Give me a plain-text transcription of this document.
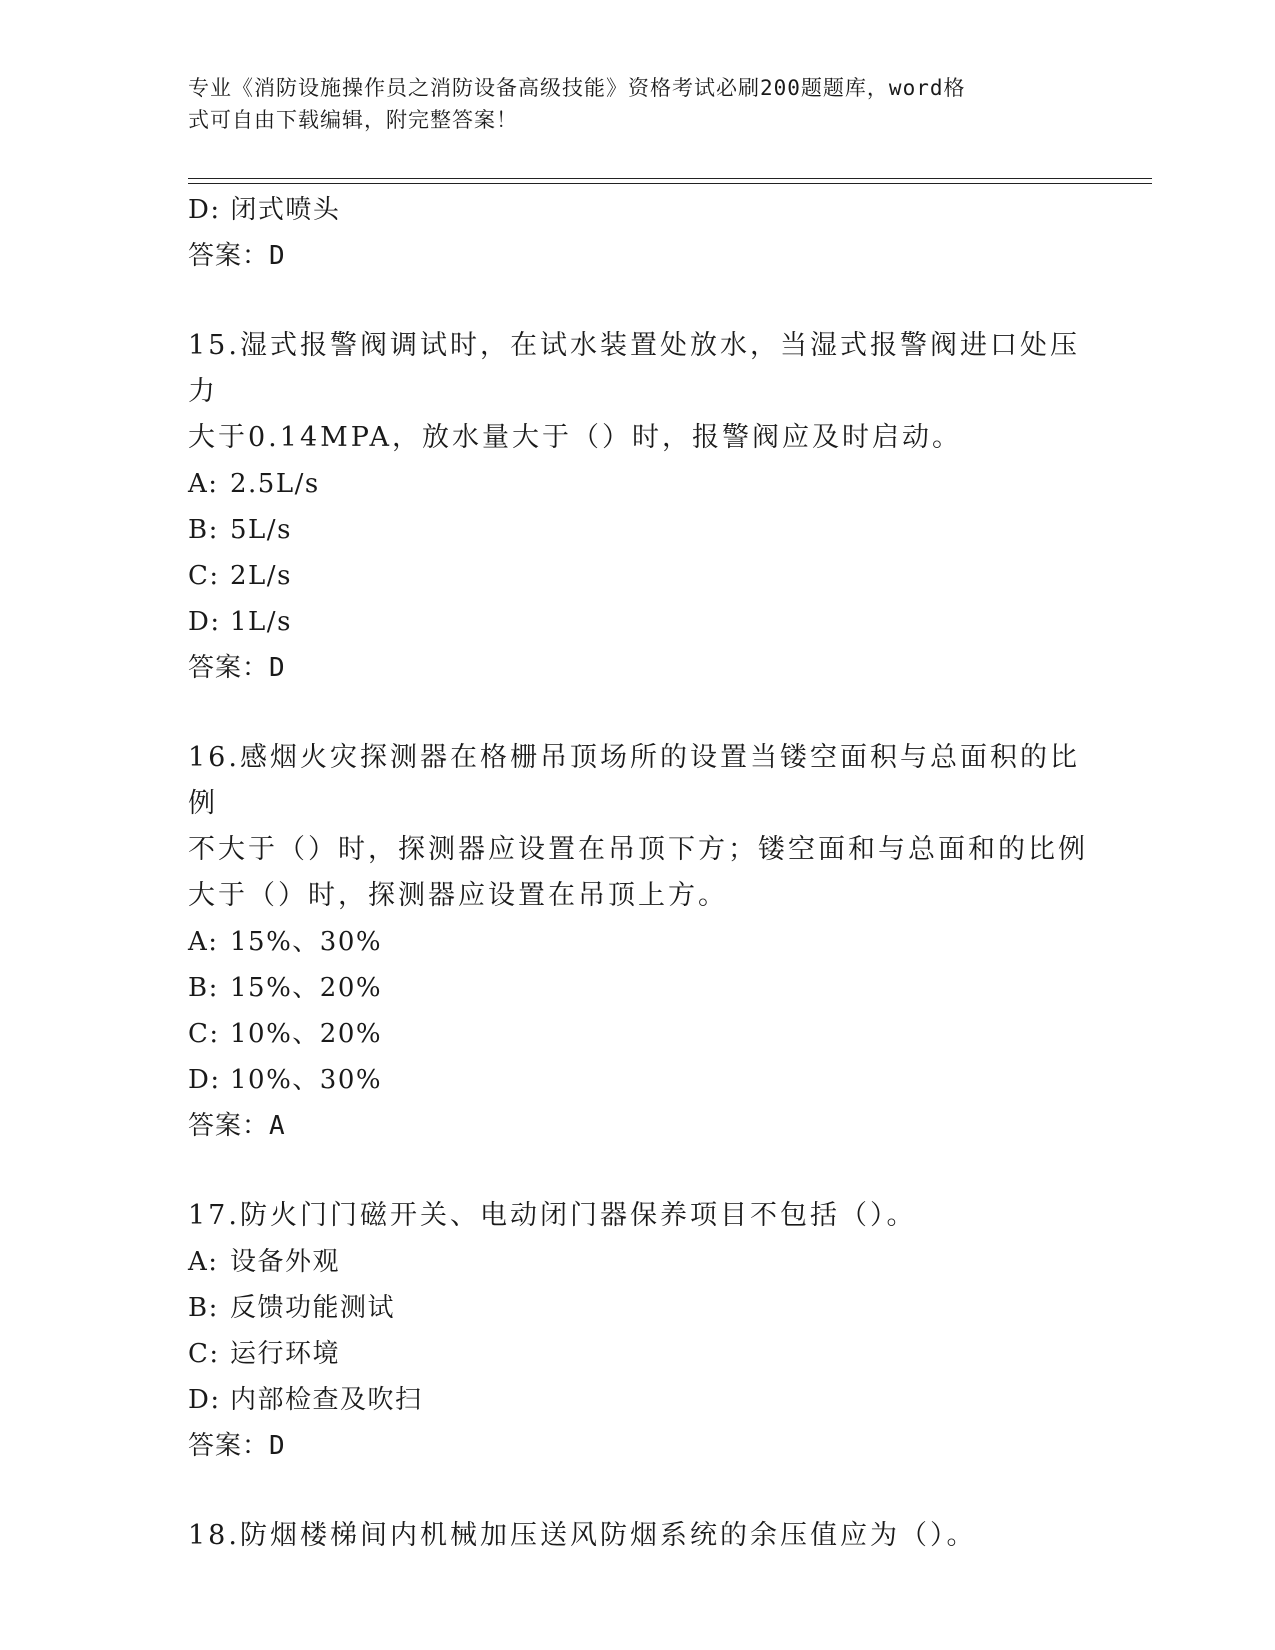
专业《消防设施操作员之消防设备高级技能》资格考试必刷200题题库，word格
式可自由下载编辑，附完整答案！
D: 闭式喷头
答案：D
15.湿式报警阀调试时，在试水装置处放水，当湿式报警阀进口处压力
大于0.14MPA，放水量大于（）时，报警阀应及时启动。
A: 2.5L/s
B: 5L/s
C: 2L/s
D: 1L/s
答案：D
16.感烟火灾探测器在格栅吊顶场所的设置当镂空面积与总面积的比例
不大于（）时，探测器应设置在吊顶下方；镂空面和与总面和的比例
大于（）时，探测器应设置在吊顶上方。
A: 15%、30%
B: 15%、20%
C: 10%、20%
D: 10%、30%
答案：A
17.防火门门磁开关、电动闭门器保养项目不包括（）。
A: 设备外观
B: 反馈功能测试
C: 运行环境
D: 内部检查及吹扫
答案：D
18.防烟楼梯间内机械加压送风防烟系统的余压值应为（）。
